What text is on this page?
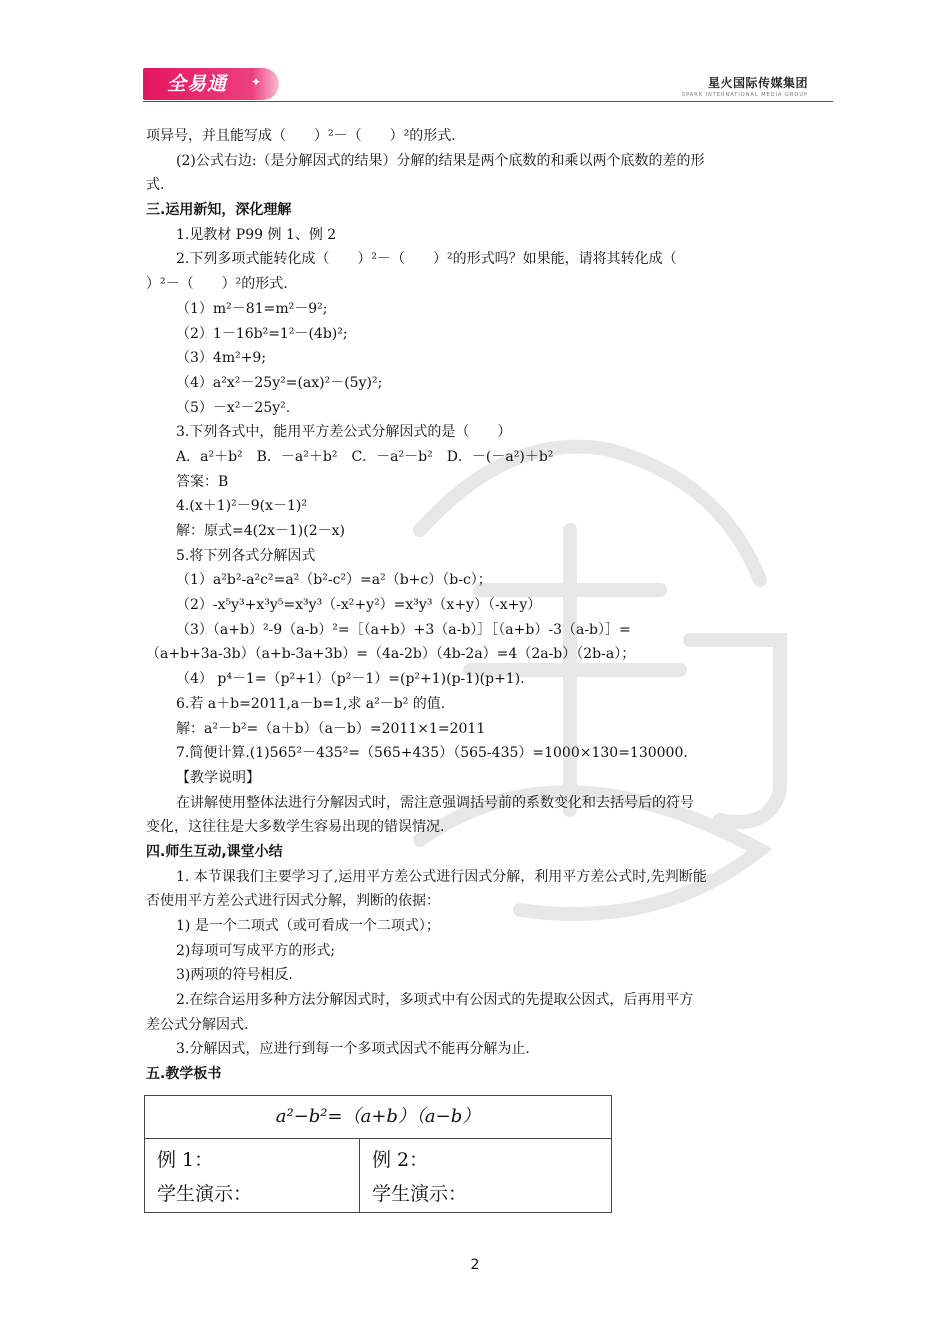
全易通 ✦	星火国际传媒集团
SPARK INTERNATIONAL MEDIA GROUP
项异号，并且能写成（　　）²－（　　）²的形式.
(2)公式右边:（是分解因式的结果）分解的结果是两个底数的和乘以两个底数的差的形
式.
三.运用新知，深化理解
1.见教材 P99 例 1、例 2
2.下列多项式能转化成（　　）²－（　　）²的形式吗？如果能，请将其转化成（
）²－（　　）²的形式.
（1）m²－81=m²－9²;
（2）1－16b²=1²－(4b)²;
（3）4m²+9;
（4）a²x²－25y²=(ax)²－(5y)²;
（5）－x²－25y².
3.下列各式中，能用平方差公式分解因式的是（　　）
A．a²＋b²　B．－a²＋b²　C．－a²－b²　D．－(－a²)＋b²
答案：B
4.(x＋1)²－9(x－1)²
解：原式=4(2x－1)(2－x)
5.将下列各式分解因式
（1）a²b²-a²c²=a²（b²-c²）=a²（b+c）（b-c）；
（2）-x⁵y³+x³y⁵=x³y³（-x²+y²）=x³y³（x+y）（-x+y）
（3）（a+b）²-9（a-b）²=［（a+b）+3（a-b）］［（a+b）-3（a-b）］=
（a+b+3a-3b）（a+b-3a+3b）=（4a-2b）（4b-2a）=4（2a-b）（2b-a）；
（4） p⁴－1=（p²+1）（p²－1）=(p²+1)(p-1)(p+1).
6.若 a＋b=2011,a－b=1,求 a²－b² 的值.
解：a²－b²=（a＋b）（a－b）=2011×1=2011
7.简便计算.(1)565²－435²=（565+435）（565-435）=1000×130=130000.
【教学说明】
在讲解使用整体法进行分解因式时，需注意强调括号前的系数变化和去括号后的符号
变化，这往往是大多数学生容易出现的错误情况.
四.师生互动,课堂小结
1. 本节课我们主要学习了,运用平方差公式进行因式分解，利用平方差公式时,先判断能
否使用平方差公式进行因式分解，判断的依据：
1) 是一个二项式（或可看成一个二项式）；
2)每项可写成平方的形式;
3)两项的符号相反.
2.在综合运用多种方法分解因式时，多项式中有公因式的先提取公因式，后再用平方
差公式分解因式.
3.分解因式，应进行到每一个多项式因式不能再分解为止.
五.教学板书
a²−b²=（a+b）（a−b）
例 1：
学生演示：
例 2：
学生演示：
2
